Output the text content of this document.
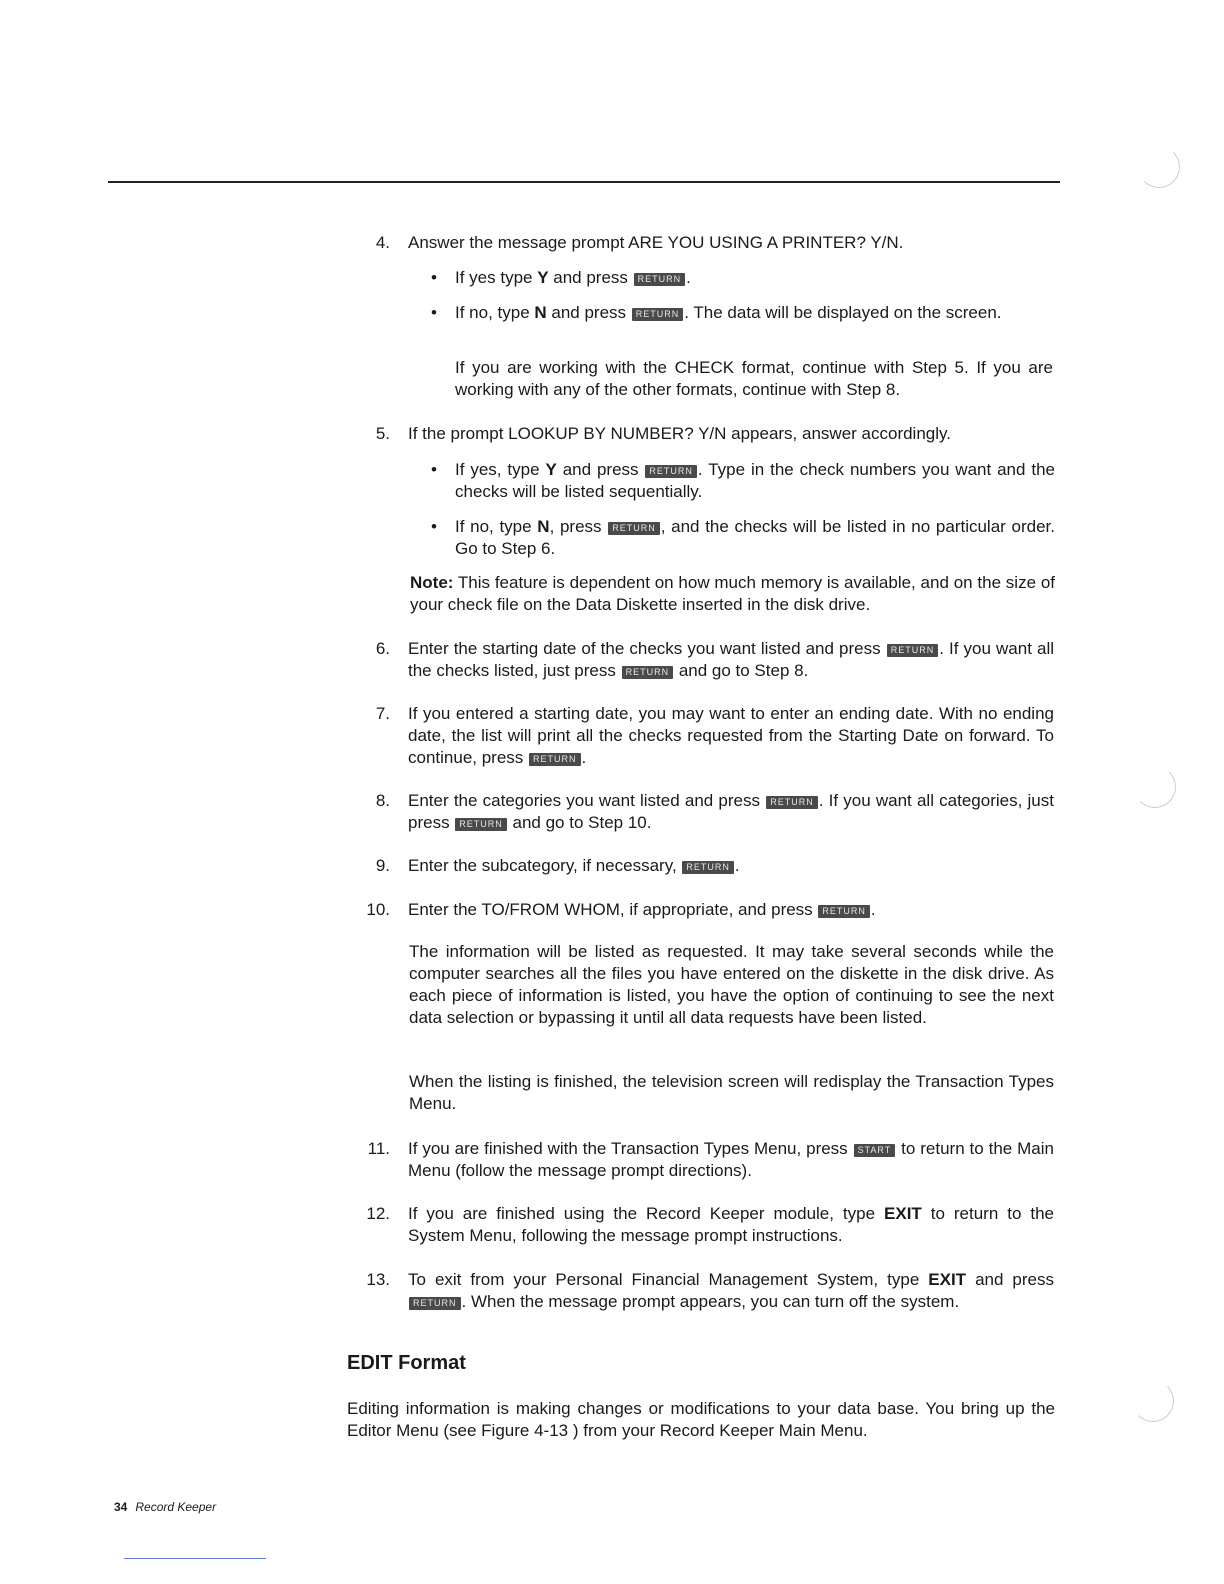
4. Answer the message prompt ARE YOU USING A PRINTER? Y/N.
• If yes type Y and press RETURN .
• If no, type N and press RETURN . The data will be displayed on the screen.
If you are working with the CHECK format, continue with Step 5. If you are working with any of the other formats, continue with Step 8.
5. If the prompt LOOKUP BY NUMBER? Y/N appears, answer accordingly.
• If yes, type Y and press RETURN . Type in the check numbers you want and the checks will be listed sequentially.
• If no, type N, press RETURN , and the checks will be listed in no particular order. Go to Step 6.
Note: This feature is dependent on how much memory is available, and on the size of your check file on the Data Diskette inserted in the disk drive.
6. Enter the starting date of the checks you want listed and press RETURN . If you want all the checks listed, just press RETURN and go to Step 8.
7. If you entered a starting date, you may want to enter an ending date. With no ending date, the list will print all the checks requested from the Starting Date on forward. To continue, press RETURN .
8. Enter the categories you want listed and press RETURN . If you want all categories, just press RETURN and go to Step 10.
9. Enter the subcategory, if necessary, RETURN .
10. Enter the TO/FROM WHOM, if appropriate, and press RETURN .
The information will be listed as requested. It may take several seconds while the computer searches all the files you have entered on the diskette in the disk drive. As each piece of information is listed, you have the option of continuing to see the next data selection or bypassing it until all data requests have been listed.
When the listing is finished, the television screen will redisplay the Transaction Types Menu.
11. If you are finished with the Transaction Types Menu, press START to return to the Main Menu (follow the message prompt directions).
12. If you are finished using the Record Keeper module, type EXIT to return to the System Menu, following the message prompt instructions.
13. To exit from your Personal Financial Management System, type EXIT and press RETURN . When the message prompt appears, you can turn off the system.
EDIT Format
Editing information is making changes or modifications to your data base. You bring up the Editor Menu (see Figure 4-13 ) from your Record Keeper Main Menu.
34 Record Keeper
